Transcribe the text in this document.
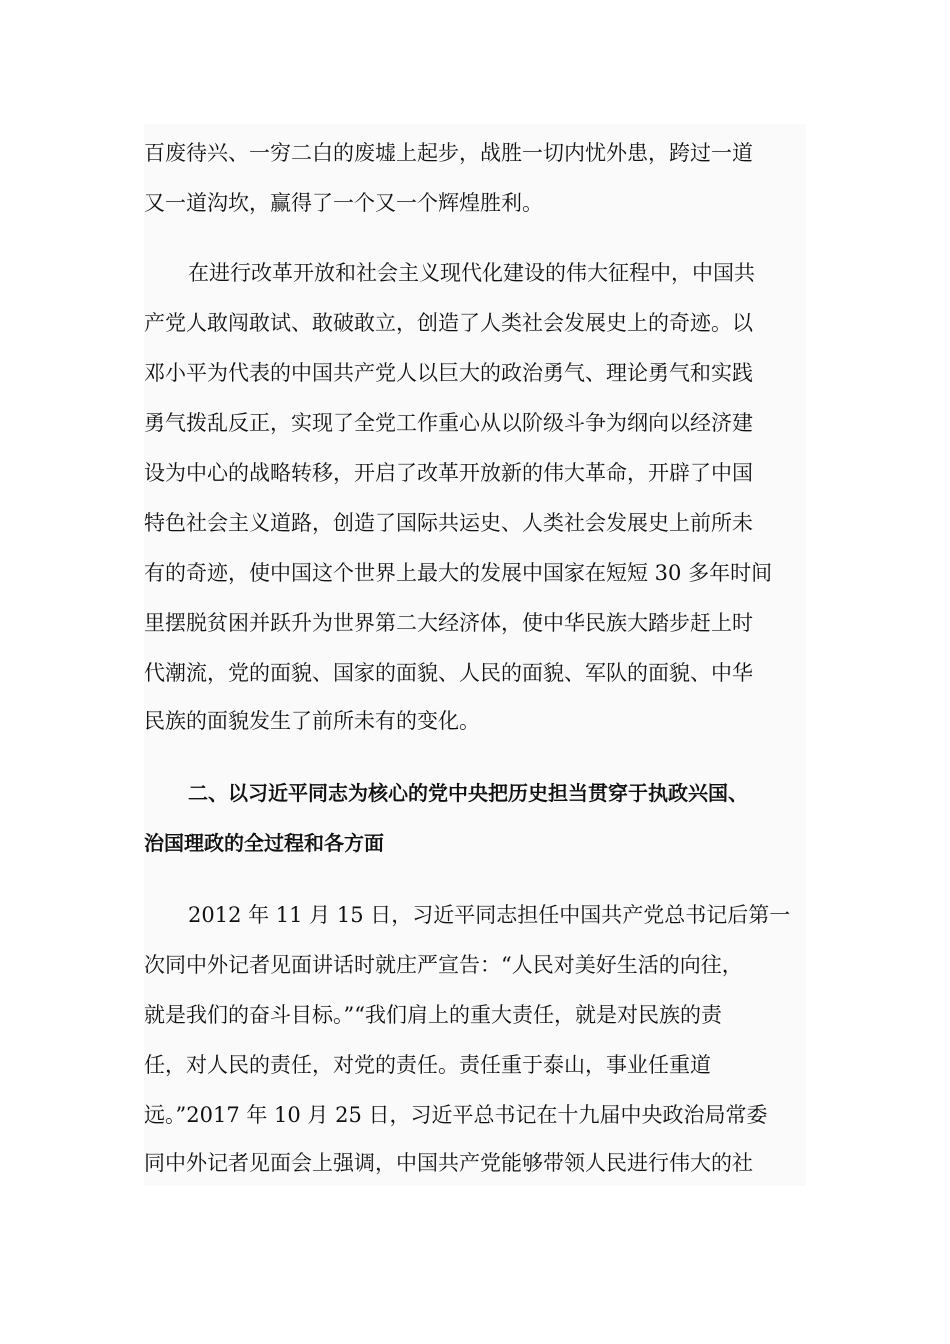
百废待兴、一穷二白的废墟上起步，战胜一切内忧外患，跨过一道
又一道沟坎，赢得了一个又一个辉煌胜利。
在进行改革开放和社会主义现代化建设的伟大征程中，中国共
产党人敢闯敢试、敢破敢立，创造了人类社会发展史上的奇迹。以
邓小平为代表的中国共产党人以巨大的政治勇气、理论勇气和实践
勇气拨乱反正，实现了全党工作重心从以阶级斗争为纲向以经济建
设为中心的战略转移，开启了改革开放新的伟大革命，开辟了中国
特色社会主义道路，创造了国际共运史、人类社会发展史上前所未
有的奇迹，使中国这个世界上最大的发展中国家在短短 30 多年时间
里摆脱贫困并跃升为世界第二大经济体，使中华民族大踏步赶上时
代潮流，党的面貌、国家的面貌、人民的面貌、军队的面貌、中华
民族的面貌发生了前所未有的变化。
二、以习近平同志为核心的党中央把历史担当贯穿于执政兴国、
治国理政的全过程和各方面
2012 年 11 月 15 日，习近平同志担任中国共产党总书记后第一
次同中外记者见面讲话时就庄严宣告：“人民对美好生活的向往，
就是我们的奋斗目标。”“我们肩上的重大责任，就是对民族的责
任，对人民的责任，对党的责任。责任重于泰山，事业任重道
远。”2017 年 10 月 25 日，习近平总书记在十九届中央政治局常委
同中外记者见面会上强调，中国共产党能够带领人民进行伟大的社
